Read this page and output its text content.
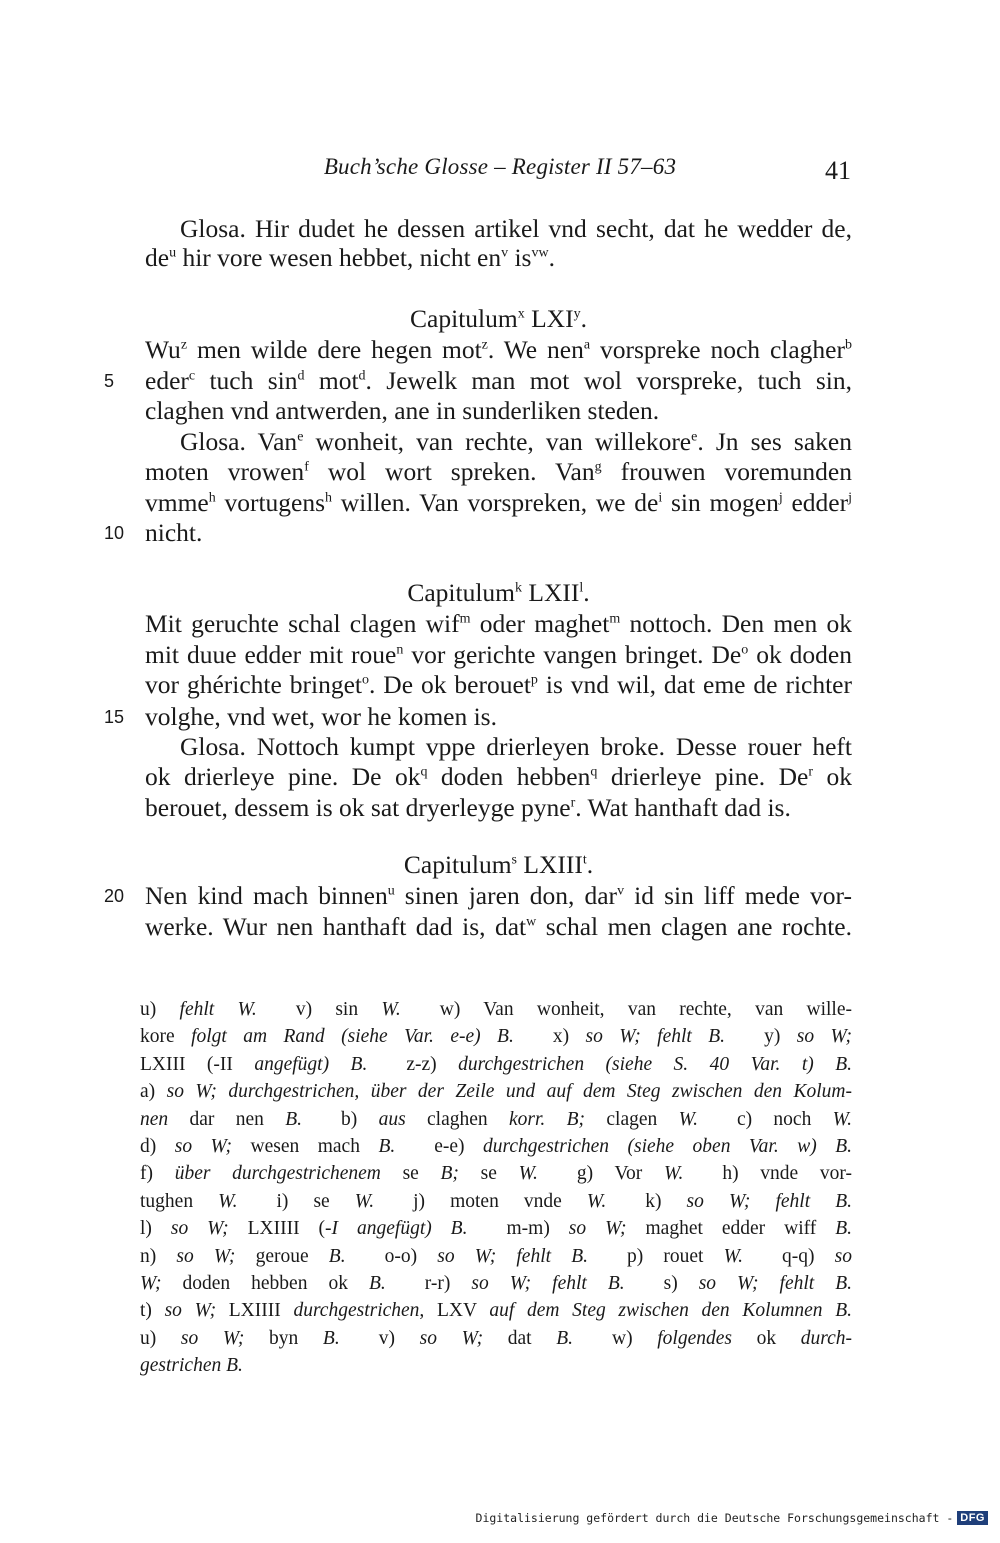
Buch’sche Glosse – Register II 57–63	41
Glosa. Hir dudet he dessen artikel vnd secht, dat he wedder de,
$de^u$ hir vore wesen hebbet, nicht $en^v$ $is^{vw}$.
Capitulum$^x$ LXI$^y$.
Wu$^z$ men wilde dere hegen mot$^z$. We nen$^a$ vorspreke noch clagher$^b$
eder$^c$ tuch $\sin^d mot^d$. Jewelk man mot wol vorspreke, tuch sin,
5
claghen vnd antwerden, ane in sunderliken steden.
Glosa. Van$^e$ wonheit, van rechte, van willekore$^e$. Jn ses saken
moten vrowen$^f$ wol wort spreken. Van$^g$ frouwen voremunden
vmme$^h$ vortugens$^h$ willen. Van vorspreken, we $de^i$ sin mogen$^j$ edder$^j$
nicht.
10
Capitulum$^k$ LXII$^l$.
Mit geruchte schal clagen wif$^m$ oder maghet$^m$ nottoch. Den men ok
mit duue edder mit roue$^n$ vor gerichte vangen bringet. De$^o$ ok doden
vor ghérichte bringet$^o$. De ok berouet$^p$ is vnd wil, dat eme de richter
volghe, vnd wet, wor he komen is.
15
Glosa. Nottoch kumpt vppe drierleyen broke. Desse rouer heft
ok drierleye pine. De $ok^q$ doden hebben$^q$ drierleye pine. De$^r$ ok
berouet, dessem is ok sat dryerleyge pyne$^r$. Wat hanthaft dad is.
Capitulum$^s$ LXIII$^t$.
Nen kind mach binnen$^u$ sinen jaren don, dar$^v$ id sin liff mede vor-
20
werke. Wur nen hanthaft dad is, dat$^w$ schal men clagen ane rochte.
u) fehlt W.  v) sin W.  w) Van wonheit, van rechte, van wille-
kore folgt am Rand (siehe Var. e-e) B.  x) so W; fehlt B.  y) so W;
LXIII (-II angefügt) B.  z-z) durchgestrichen (siehe S. 40 Var. t) B.
a) so W; durchgestrichen, über der Zeile und auf dem Steg zwischen den Kolum-
nen dar nen B.  b) aus claghen korr. B; clagen W.  c) noch W.
d) so W; wesen mach B.  e-e) durchgestrichen (siehe oben Var. w) B.
f) über durchgestrichenem se B; se W.  g) Vor W.  h) vnde vor-
tughen W.  i) se W.  j) moten vnde W.  k) so W; fehlt B.
l) so W; LXIIII (-I angefügt) B.  m-m) so W; maghet edder wiff B.
n) so W; geroue B.  o-o) so W; fehlt B.  p) rouet W.  q-q) so
W; doden hebben ok B.  r-r) so W; fehlt B.  s) so W; fehlt B.
t) so W; LXIIII durchgestrichen, LXV auf dem Steg zwischen den Kolumnen B.
u) so W; byn B.  v) so W; dat B.  w) folgendes ok durch-
gestrichen B.
Digitalisierung gefördert durch die Deutsche Forschungsgemeinschaft - DFG
